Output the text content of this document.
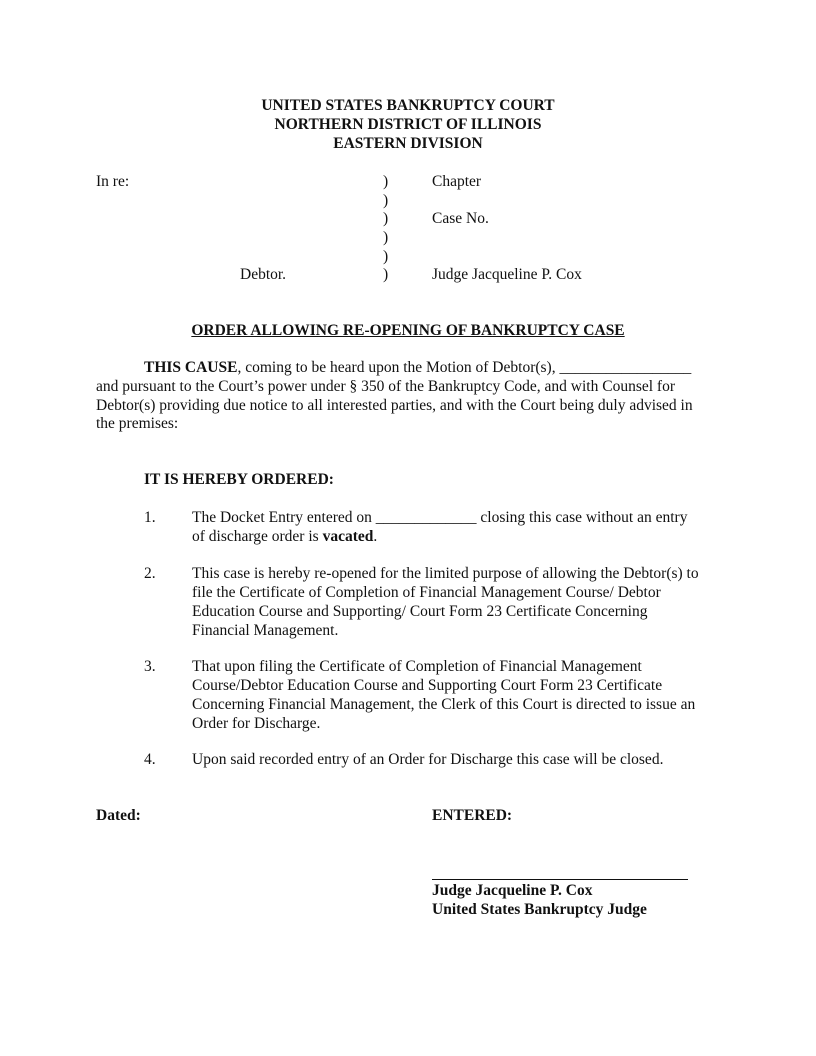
UNITED STATES BANKRUPTCY COURT
NORTHERN DISTRICT OF ILLINOIS
EASTERN DIVISION
In re:
Debtor.
)
)
)
)
)
)
Chapter
Case No.
Judge Jacqueline P. Cox
ORDER ALLOWING RE-OPENING OF BANKRUPTCY CASE
THIS CAUSE, coming to be heard upon the Motion of Debtor(s), _________________
and pursuant to the Court’s power under § 350 of the Bankruptcy Code, and with Counsel for
Debtor(s) providing due notice to all interested parties, and with the Court being duly advised in
the premises:
IT IS HEREBY ORDERED:
1. The Docket Entry entered on _____________ closing this case without an entry
of discharge order is vacated.
2. This case is hereby re-opened for the limited purpose of allowing the Debtor(s) to
file the Certificate of Completion of Financial Management Course/ Debtor
Education Course and Supporting/ Court Form 23 Certificate Concerning
Financial Management.
3. That upon filing the Certificate of Completion of Financial Management
Course/Debtor Education Course and Supporting Court Form 23 Certificate
Concerning Financial Management, the Clerk of this Court is directed to issue an
Order for Discharge.
4. Upon said recorded entry of an Order for Discharge this case will be closed.
Dated:	ENTERED:
Judge Jacqueline P. Cox
United States Bankruptcy Judge
